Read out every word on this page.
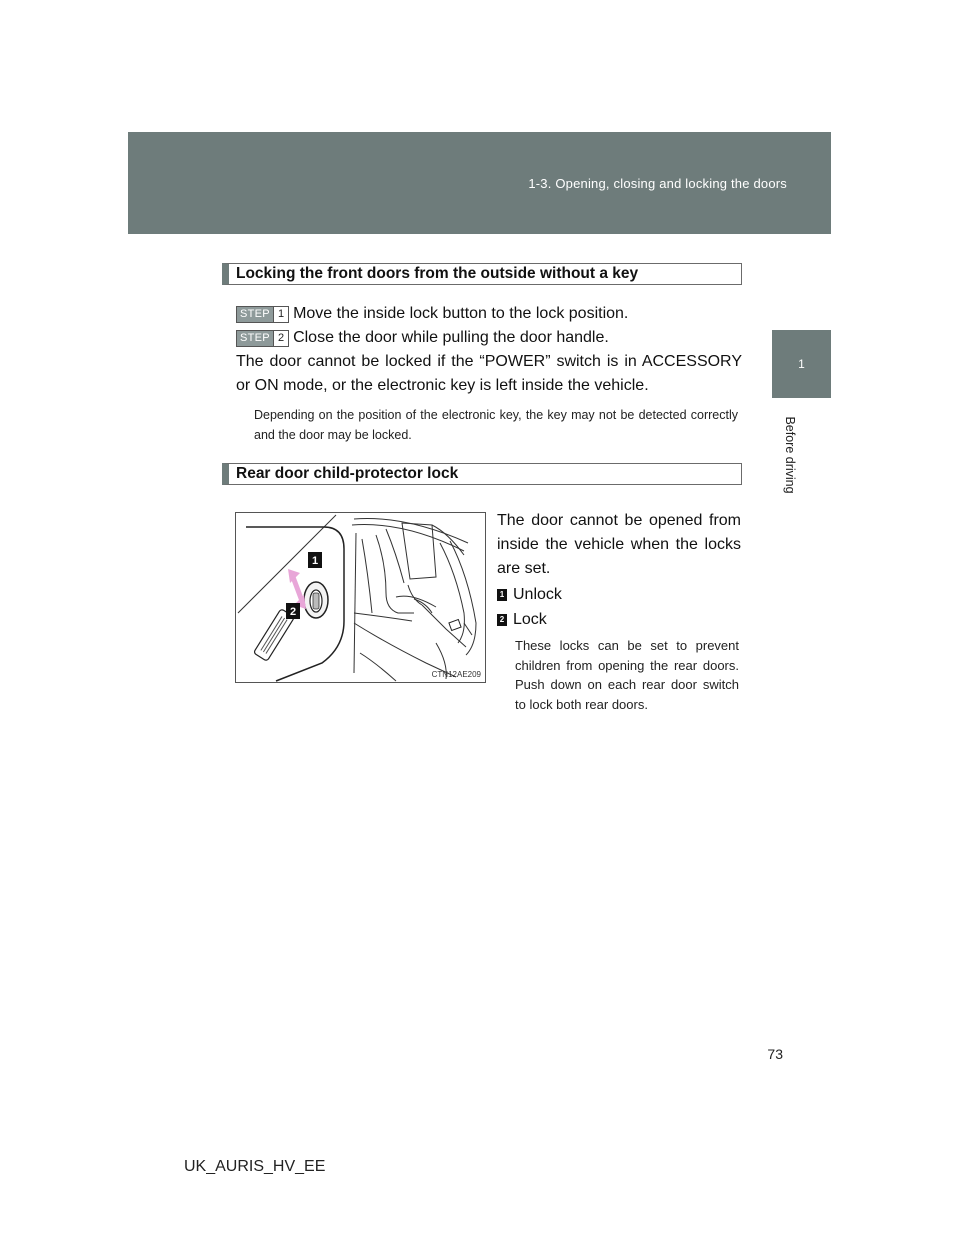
1-3. Opening, closing and locking the doors
1
Before driving
Locking the front doors from the outside without a key
STEP 1 Move the inside lock button to the lock position.
STEP 2 Close the door while pulling the door handle.
The door cannot be locked if the “POWER” switch is in ACCESSORY or ON mode, or the electronic key is left inside the vehicle.
Depending on the position of the electronic key, the key may not be detected correctly and the door may be locked.
Rear door child-protector lock
1
2
CTN12AE209
The door cannot be opened from inside the vehicle when the locks are set.
1 Unlock
2 Lock
These locks can be set to prevent children from opening the rear doors. Push down on each rear door switch to lock both rear doors.
73
UK_AURIS_HV_EE
